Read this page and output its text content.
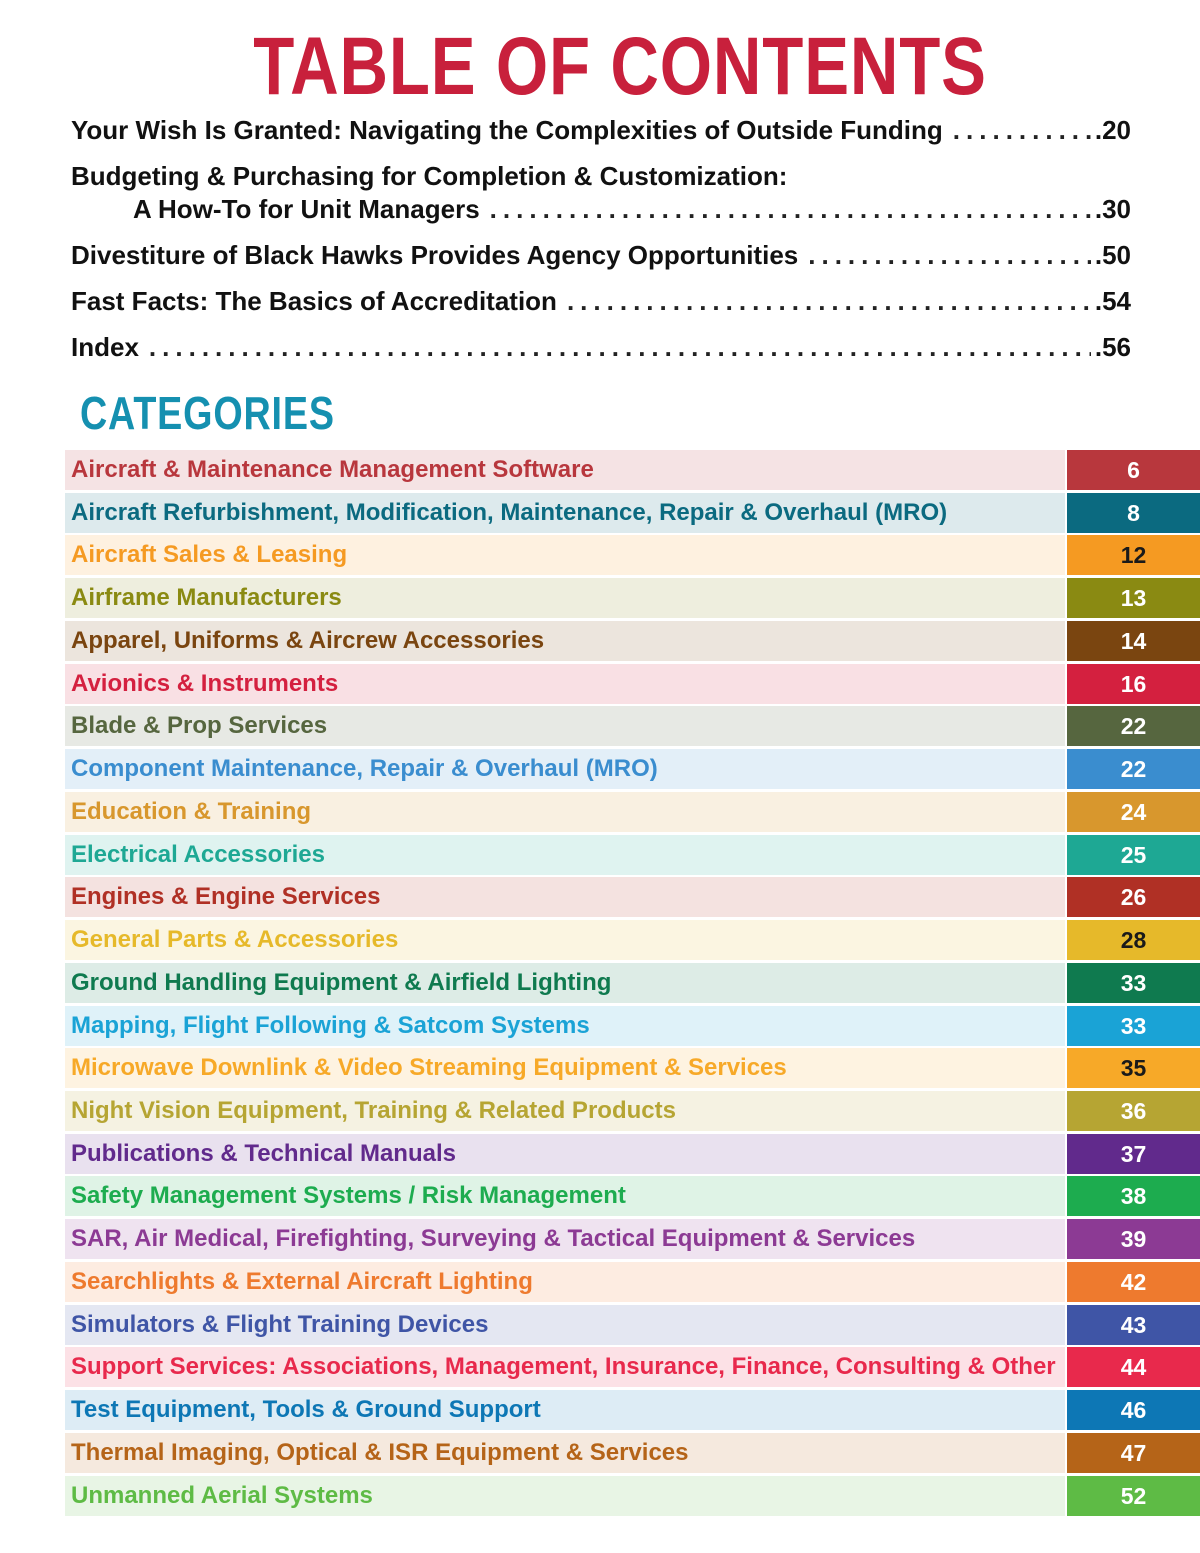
TABLE OF CONTENTS
Your Wish Is Granted: Navigating the Complexities of Outside Funding .....	.20
Budgeting & Purchasing for Completion & Customization:
A How-To for Unit Managers .....	.30
Divestiture of Black Hawks Provides Agency Opportunities .....	.50
Fast Facts: The Basics of Accreditation .....	.54
Index .....	.56
CATEGORIES
Aircraft & Maintenance Management Software	6
Aircraft Refurbishment, Modification, Maintenance, Repair & Overhaul (MRO)	8
Aircraft Sales & Leasing	12
Airframe Manufacturers	13
Apparel, Uniforms & Aircrew Accessories	14
Avionics & Instruments	16
Blade & Prop Services	22
Component Maintenance, Repair & Overhaul (MRO)	22
Education & Training	24
Electrical Accessories	25
Engines & Engine Services	26
General Parts & Accessories	28
Ground Handling Equipment & Airfield Lighting	33
Mapping, Flight Following & Satcom Systems	33
Microwave Downlink & Video Streaming Equipment & Services	35
Night Vision Equipment, Training & Related Products	36
Publications & Technical Manuals	37
Safety Management Systems / Risk Management	38
SAR, Air Medical, Firefighting, Surveying & Tactical Equipment & Services	39
Searchlights & External Aircraft Lighting	42
Simulators & Flight Training Devices	43
Support Services: Associations, Management, Insurance, Finance, Consulting & Other	44
Test Equipment, Tools & Ground Support	46
Thermal Imaging, Optical & ISR Equipment & Services	47
Unmanned Aerial Systems	52
